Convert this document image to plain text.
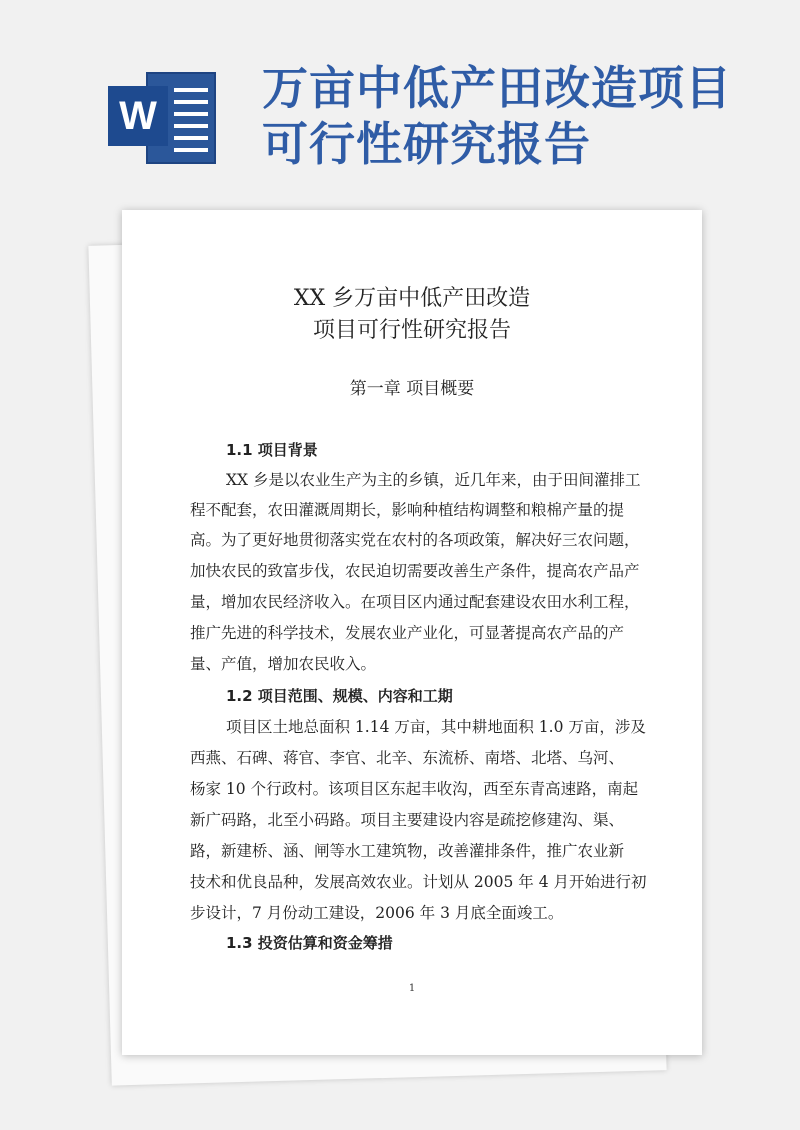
W
万亩中低产田改造项目
可行性研究报告
XX 乡万亩中低产田改造
项目可行性研究报告
第一章 项目概要
1.1 项目背景
XX 乡是以农业生产为主的乡镇，近几年来，由于田间灌排工
程不配套，农田灌溉周期长，影响种植结构调整和粮棉产量的提
高。为了更好地贯彻落实党在农村的各项政策，解决好三农问题，
加快农民的致富步伐，农民迫切需要改善生产条件，提高农产品产
量，增加农民经济收入。在项目区内通过配套建设农田水利工程，
推广先进的科学技术，发展农业产业化，可显著提高农产品的产
量、产值，增加农民收入。
1.2 项目范围、规模、内容和工期
项目区土地总面积 1.14 万亩，其中耕地面积 1.0 万亩，涉及
西燕、石碑、蒋官、李官、北辛、东流桥、南塔、北塔、乌河、
杨家 10 个行政村。该项目区东起丰收沟，西至东青高速路，南起
新广码路，北至小码路。项目主要建设内容是疏挖修建沟、渠、
路，新建桥、涵、闸等水工建筑物，改善灌排条件，推广农业新
技术和优良品种，发展高效农业。计划从 2005 年 4 月开始进行初
步设计，7 月份动工建设，2006 年 3 月底全面竣工。
1.3 投资估算和资金筹措
1
